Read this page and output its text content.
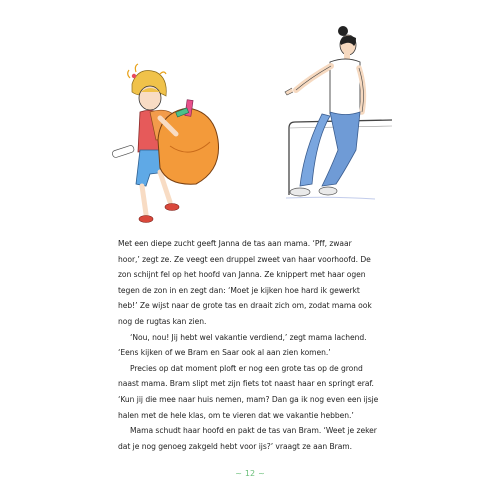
Met een diepe zucht geeft Janna de tas aan mama. ‘Pff, zwaar
hoor,’ zegt ze. Ze veegt een druppel zweet van haar voorhoofd. De
zon schijnt fel op het hoofd van Janna. Ze knippert met haar ogen
tegen de zon in en zegt dan: ‘Moet je kijken hoe hard ik gewerkt
heb!’ Ze wijst naar de grote tas en draait zich om, zodat mama ook
nog de rugtas kan zien.

‘Nou, nou! Jij hebt wel vakantie verdiend,’ zegt mama lachend.
‘Eens kijken of we Bram en Saar ook al aan zien komen.’

Precies op dat moment ploft er nog een grote tas op de grond
naast mama. Bram slipt met zijn fiets tot naast haar en springt eraf.
‘Kun jij die mee naar huis nemen, mam? Dan ga ik nog even een ijsje
halen met de hele klas, om te vieren dat we vakantie hebben.’

Mama schudt haar hoofd en pakt de tas van Bram. ‘Weet je zeker
dat je nog genoeg zakgeld hebt voor ijs?’ vraagt ze aan Bram.

~ 12 ~
